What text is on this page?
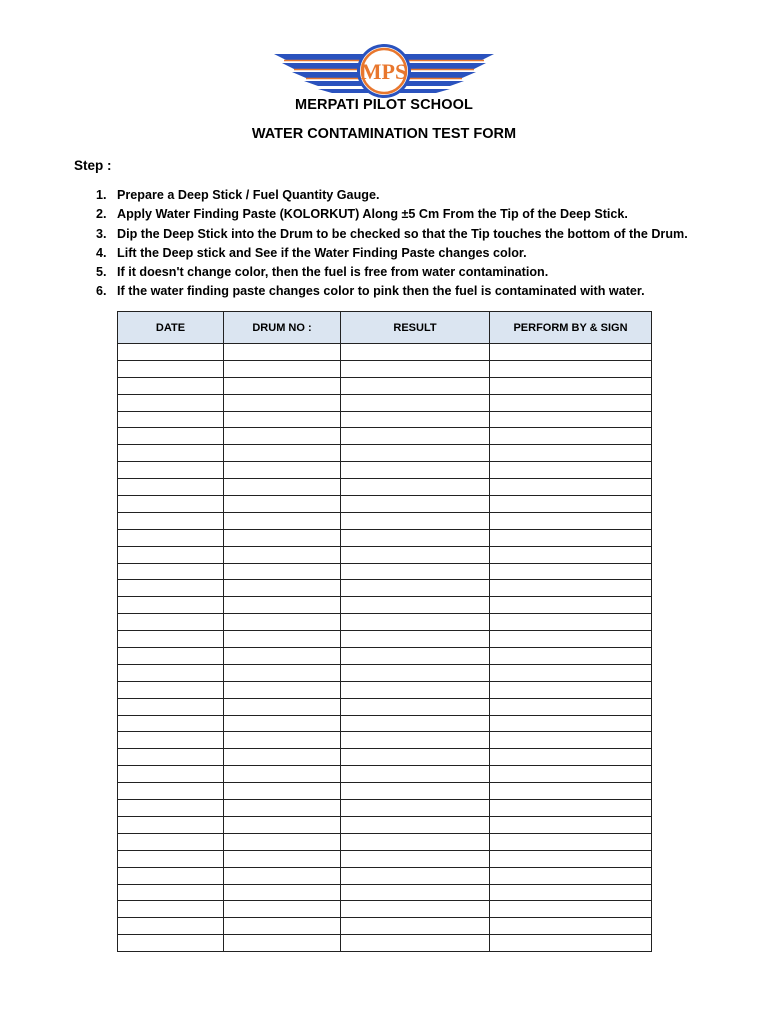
MPS
MERPATI PILOT SCHOOL
WATER CONTAMINATION TEST FORM
Step :
1. Prepare a Deep Stick / Fuel Quantity Gauge.
2. Apply Water Finding Paste (KOLORKUT) Along ±5 Cm From the Tip of the Deep Stick.
3. Dip the Deep Stick into the Drum to be checked so that the Tip touches the bottom of the Drum.
4. Lift the Deep stick and See if the Water Finding Paste changes color.
5. If it doesn't change color, then the fuel is free from water contamination.
6. If the water finding paste changes color to pink then the fuel is contaminated with water.
DATE	DRUM NO :	RESULT	PERFORM BY & SIGN
